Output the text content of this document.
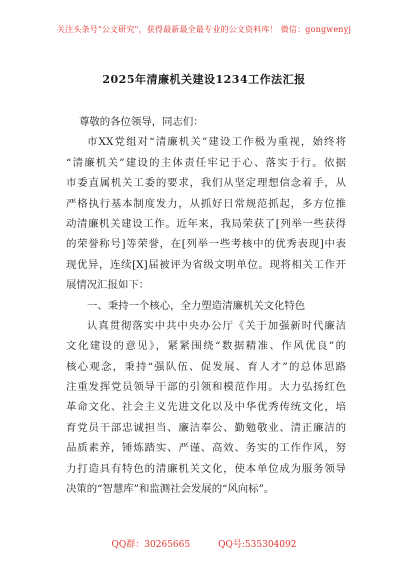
关注头条号"公文研究"，获得最新最全最专业的公文资料库！ 微信：gongwenyj
2025年清廉机关建设1234工作法汇报
尊敬的各位领导，同志们：
市XX党组对“清廉机关”建设工作极为重视，始终将
“清廉机关”建设的主体责任牢记于心、落实于行。依据
市委直属机关工委的要求，我们从坚定理想信念着手，从
严格执行基本制度发力，从抓好日常规范抓起，多方位推
动清廉机关建设工作。近年来，我局荣获了[列举一些获得
的荣誉称号]等荣誉，在[列举一些考核中的优秀表现]中表
现优异，连续[X]届被评为省级文明单位。现将相关工作开
展情况汇报如下：
一、秉持一个核心，全力塑造清廉机关文化特色
认真贯彻落实中共中央办公厅《关于加强新时代廉洁
文化建设的意见》，紧紧围绕“数据精准、作风优良”的
核心观念，秉持“强队伍、促发展、育人才”的总体思路
注重发挥党员领导干部的引领和模范作用。大力弘扬红色
革命文化、社会主义先进文化以及中华优秀传统文化，培
育党员干部忠诚担当、廉洁奉公、勤勉敬业、清正廉洁的
品质素养，锤炼踏实、严谨、高效、务实的工作作风，努
力打造具有特色的清廉机关文化，使本单位成为服务领导
决策的“智慧库”和监测社会发展的“风向标”。
QQ群：30265665	QQ号:535304092
